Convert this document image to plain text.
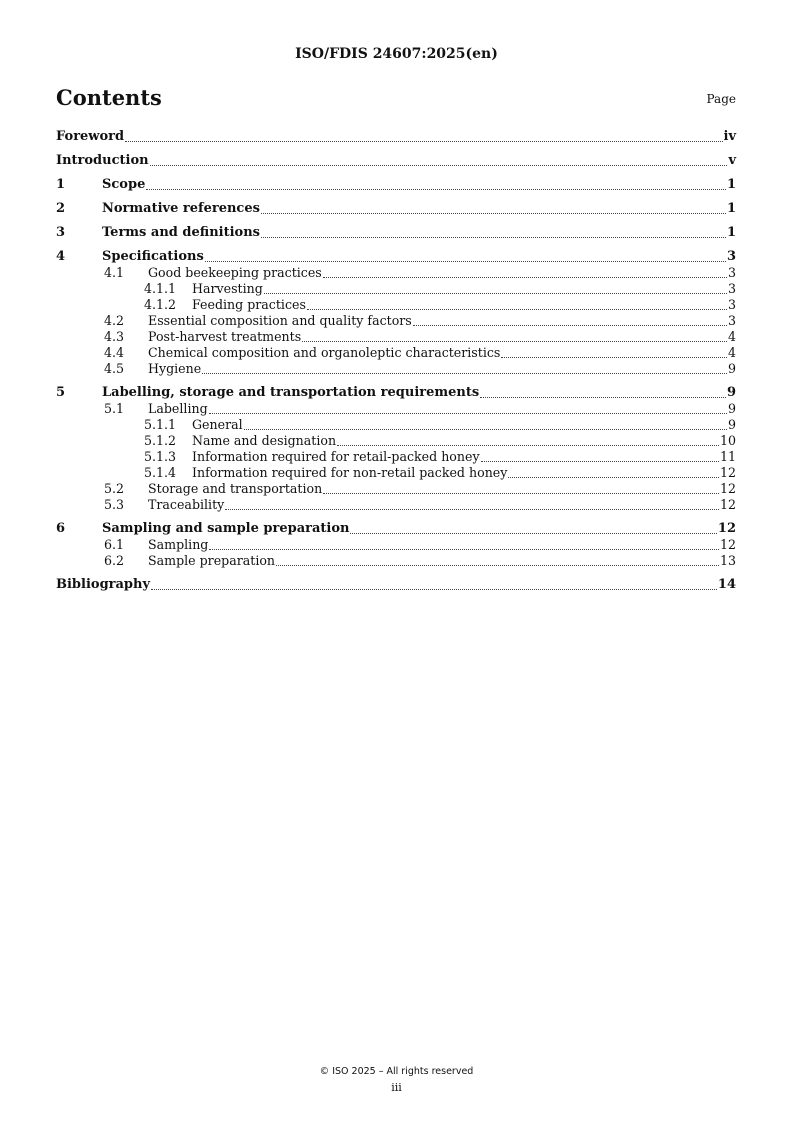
ISO/FDIS 24607:2025(en)
Contents	Page
Foreword	iv
Introduction	v
1	Scope	1
2	Normative references	1
3	Terms and definitions	1
4	Specifications	3
4.1	Good beekeeping practices	3
4.1.1	Harvesting	3
4.1.2	Feeding practices	3
4.2	Essential composition and quality factors	3
4.3	Post-harvest treatments	4
4.4	Chemical composition and organoleptic characteristics	4
4.5	Hygiene	9
5	Labelling, storage and transportation requirements	9
5.1	Labelling	9
5.1.1	General	9
5.1.2	Name and designation	10
5.1.3	Information required for retail-packed honey	11
5.1.4	Information required for non-retail packed honey	12
5.2	Storage and transportation	12
5.3	Traceability	12
6	Sampling and sample preparation	12
6.1	Sampling	12
6.2	Sample preparation	13
Bibliography	14
© ISO 2025 – All rights reserved
iii
